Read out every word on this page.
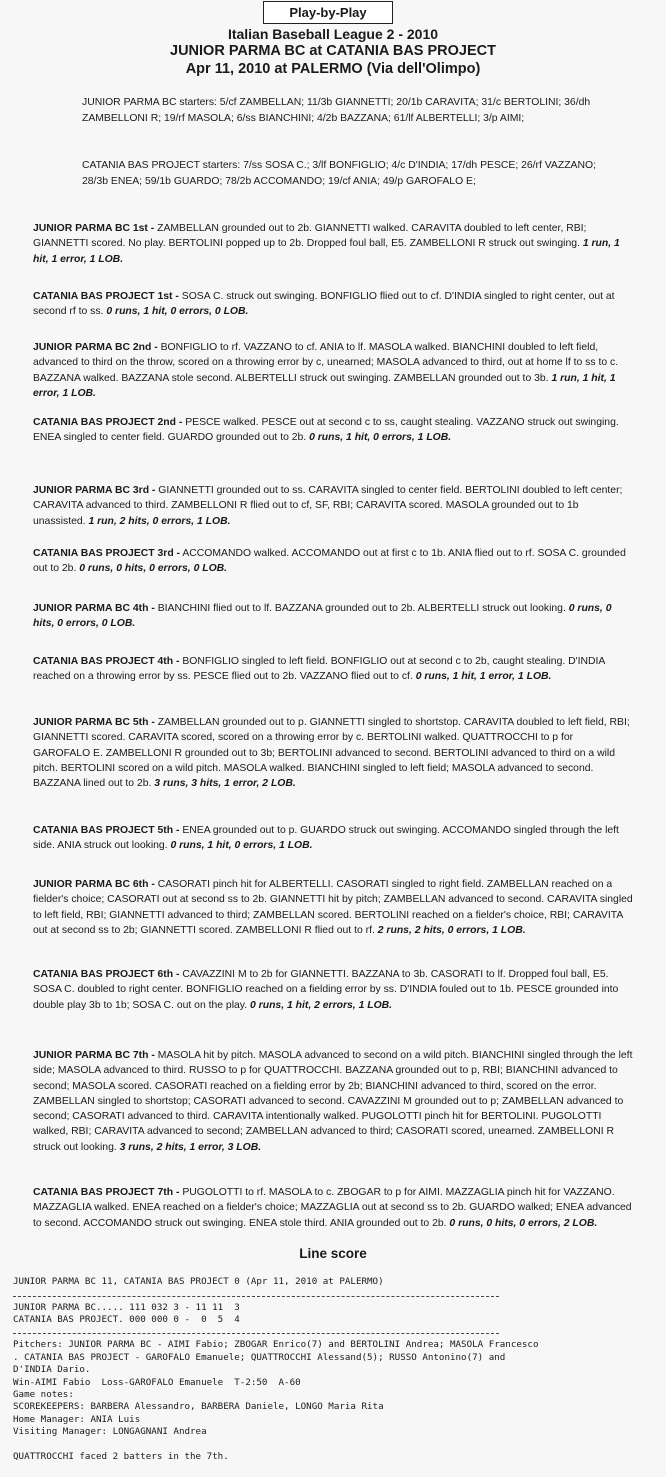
Play-by-Play
Italian Baseball League 2 - 2010
JUNIOR PARMA BC at CATANIA BAS PROJECT
Apr 11, 2010 at PALERMO (Via dell'Olimpo)
JUNIOR PARMA BC starters: 5/cf ZAMBELLAN; 11/3b GIANNETTI; 20/1b CARAVITA; 31/c BERTOLINI; 36/dh ZAMBELLONI R; 19/rf MASOLA; 6/ss BIANCHINI; 4/2b BAZZANA; 61/lf ALBERTELLI; 3/p AIMI;
CATANIA BAS PROJECT starters: 7/ss SOSA C.; 3/lf BONFIGLIO; 4/c D'INDIA; 17/dh PESCE; 26/rf VAZZANO; 28/3b ENEA; 59/1b GUARDO; 78/2b ACCOMANDO; 19/cf ANIA; 49/p GAROFALO E;
JUNIOR PARMA BC 1st - ZAMBELLAN grounded out to 2b. GIANNETTI walked. CARAVITA doubled to left center, RBI; GIANNETTI scored. No play. BERTOLINI popped up to 2b. Dropped foul ball, E5. ZAMBELLONI R struck out swinging. 1 run, 1 hit, 1 error, 1 LOB.
CATANIA BAS PROJECT 1st - SOSA C. struck out swinging. BONFIGLIO flied out to cf. D'INDIA singled to right center, out at second rf to ss. 0 runs, 1 hit, 0 errors, 0 LOB.
JUNIOR PARMA BC 2nd - BONFIGLIO to rf. VAZZANO to cf. ANIA to lf. MASOLA walked. BIANCHINI doubled to left field, advanced to third on the throw, scored on a throwing error by c, unearned; MASOLA advanced to third, out at home lf to ss to c. BAZZANA walked. BAZZANA stole second. ALBERTELLI struck out swinging. ZAMBELLAN grounded out to 3b. 1 run, 1 hit, 1 error, 1 LOB.
CATANIA BAS PROJECT 2nd - PESCE walked. PESCE out at second c to ss, caught stealing. VAZZANO struck out swinging. ENEA singled to center field. GUARDO grounded out to 2b. 0 runs, 1 hit, 0 errors, 1 LOB.
JUNIOR PARMA BC 3rd - GIANNETTI grounded out to ss. CARAVITA singled to center field. BERTOLINI doubled to left center; CARAVITA advanced to third. ZAMBELLONI R flied out to cf, SF, RBI; CARAVITA scored. MASOLA grounded out to 1b unassisted. 1 run, 2 hits, 0 errors, 1 LOB.
CATANIA BAS PROJECT 3rd - ACCOMANDO walked. ACCOMANDO out at first c to 1b. ANIA flied out to rf. SOSA C. grounded out to 2b. 0 runs, 0 hits, 0 errors, 0 LOB.
JUNIOR PARMA BC 4th - BIANCHINI flied out to lf. BAZZANA grounded out to 2b. ALBERTELLI struck out looking. 0 runs, 0 hits, 0 errors, 0 LOB.
CATANIA BAS PROJECT 4th - BONFIGLIO singled to left field. BONFIGLIO out at second c to 2b, caught stealing. D'INDIA reached on a throwing error by ss. PESCE flied out to 2b. VAZZANO flied out to cf. 0 runs, 1 hit, 1 error, 1 LOB.
JUNIOR PARMA BC 5th - ZAMBELLAN grounded out to p. GIANNETTI singled to shortstop. CARAVITA doubled to left field, RBI; GIANNETTI scored. CARAVITA scored, scored on a throwing error by c. BERTOLINI walked. QUATTROCCHI to p for GAROFALO E. ZAMBELLONI R grounded out to 3b; BERTOLINI advanced to second. BERTOLINI advanced to third on a wild pitch. BERTOLINI scored on a wild pitch. MASOLA walked. BIANCHINI singled to left field; MASOLA advanced to second. BAZZANA lined out to 2b. 3 runs, 3 hits, 1 error, 2 LOB.
CATANIA BAS PROJECT 5th - ENEA grounded out to p. GUARDO struck out swinging. ACCOMANDO singled through the left side. ANIA struck out looking. 0 runs, 1 hit, 0 errors, 1 LOB.
JUNIOR PARMA BC 6th - CASORATI pinch hit for ALBERTELLI. CASORATI singled to right field. ZAMBELLAN reached on a fielder's choice; CASORATI out at second ss to 2b. GIANNETTI hit by pitch; ZAMBELLAN advanced to second. CARAVITA singled to left field, RBI; GIANNETTI advanced to third; ZAMBELLAN scored. BERTOLINI reached on a fielder's choice, RBI; CARAVITA out at second ss to 2b; GIANNETTI scored. ZAMBELLONI R flied out to rf. 2 runs, 2 hits, 0 errors, 1 LOB.
CATANIA BAS PROJECT 6th - CAVAZZINI M to 2b for GIANNETTI. BAZZANA to 3b. CASORATI to lf. Dropped foul ball, E5. SOSA C. doubled to right center. BONFIGLIO reached on a fielding error by ss. D'INDIA fouled out to 1b. PESCE grounded into double play 3b to 1b; SOSA C. out on the play. 0 runs, 1 hit, 2 errors, 1 LOB.
JUNIOR PARMA BC 7th - MASOLA hit by pitch. MASOLA advanced to second on a wild pitch. BIANCHINI singled through the left side; MASOLA advanced to third. RUSSO to p for QUATTROCCHI. BAZZANA grounded out to p, RBI; BIANCHINI advanced to second; MASOLA scored. CASORATI reached on a fielding error by 2b; BIANCHINI advanced to third, scored on the error. ZAMBELLAN singled to shortstop; CASORATI advanced to second. CAVAZZINI M grounded out to p; ZAMBELLAN advanced to second; CASORATI advanced to third. CARAVITA intentionally walked. PUGOLOTTI pinch hit for BERTOLINI. PUGOLOTTI walked, RBI; CARAVITA advanced to second; ZAMBELLAN advanced to third; CASORATI scored, unearned. ZAMBELLONI R struck out looking. 3 runs, 2 hits, 1 error, 3 LOB.
CATANIA BAS PROJECT 7th - PUGOLOTTI to rf. MASOLA to c. ZBOGAR to p for AIMI. MAZZAGLIA pinch hit for VAZZANO. MAZZAGLIA walked. ENEA reached on a fielder's choice; MAZZAGLIA out at second ss to 2b. GUARDO walked; ENEA advanced to second. ACCOMANDO struck out swinging. ENEA stole third. ANIA grounded out to 2b. 0 runs, 0 hits, 0 errors, 2 LOB.
Line score
JUNIOR PARMA BC 11, CATANIA BAS PROJECT 0 (Apr 11, 2010 at PALERMO)
JUNIOR PARMA BC..... 111 032 3 - 11 11  3
CATANIA BAS PROJECT. 000 000 0 -  0  5  4
Pitchers: JUNIOR PARMA BC - AIMI Fabio; ZBOGAR Enrico(7) and BERTOLINI Andrea; MASOLA Francesco
. CATANIA BAS PROJECT - GAROFALO Emanuele; QUATTROCCHI Alessand(5); RUSSO Antonino(7) and
D'INDIA Dario.
Win-AIMI Fabio  Loss-GAROFALO Emanuele  T-2:50  A-60
Game notes:
SCOREKEEPERS: BARBERA Alessandro, BARBERA Daniele, LONGO Maria Rita
Home Manager: ANIA Luis
Visiting Manager: LONGAGNANI Andrea
QUATTROCCHI faced 2 batters in the 7th.
